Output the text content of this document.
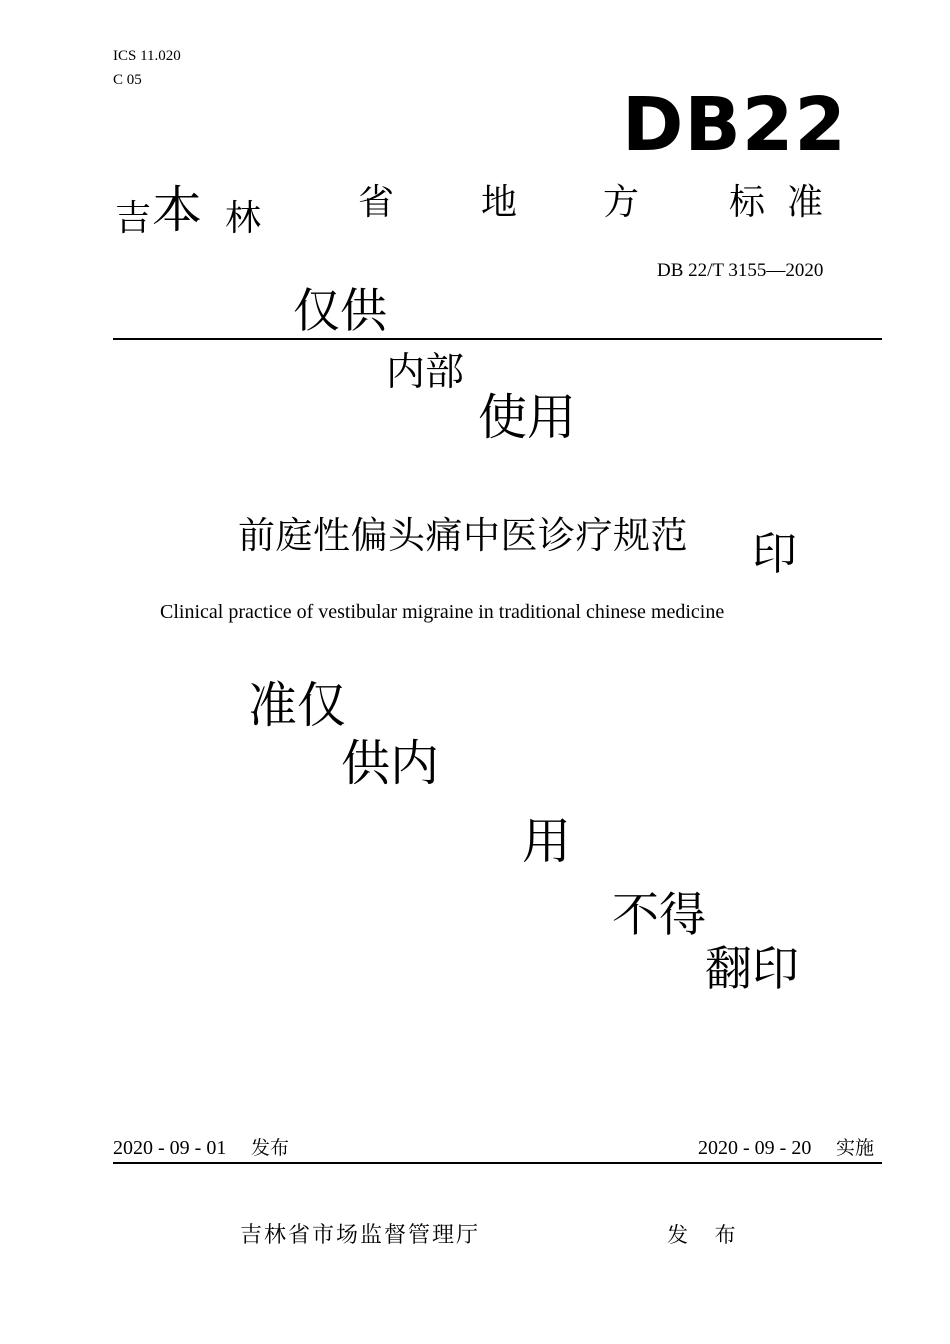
ICS 11.020
C 05
DB22
吉 本 林	省 地 方 标 准
DB 22/T 3155—2020
仅供
内部
使用
印
准仅
供内
用
不得
翻印
前庭性偏头痛中医诊疗规范
Clinical practice of vestibular migraine in traditional chinese medicine
2020 - 09 - 01 发布	2020 - 09 - 20 实施
吉林省市场监督管理厅	发 布
